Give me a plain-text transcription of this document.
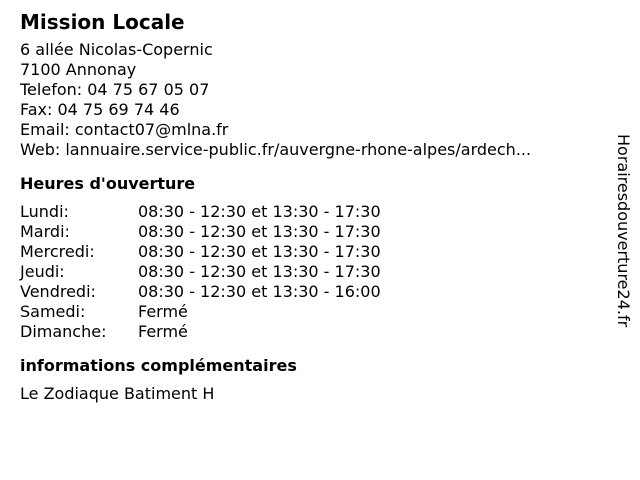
Mission Locale
6 allée Nicolas-Copernic
7100 Annonay
Telefon: 04 75 67 05 07
Fax: 04 75 69 74 46
Email: contact07@mlna.fr
Web: lannuaire.service-public.fr/auvergne-rhone-alpes/ardech...
Heures d'ouverture
Lundi:	08:30 - 12:30 et 13:30 - 17:30
Mardi:	08:30 - 12:30 et 13:30 - 17:30
Mercredi:	08:30 - 12:30 et 13:30 - 17:30
Jeudi:	08:30 - 12:30 et 13:30 - 17:30
Vendredi:	08:30 - 12:30 et 13:30 - 16:00
Samedi:	Fermé
Dimanche:	Fermé
informations complémentaires
Le Zodiaque Batiment H
Horairesdouverture24.fr
